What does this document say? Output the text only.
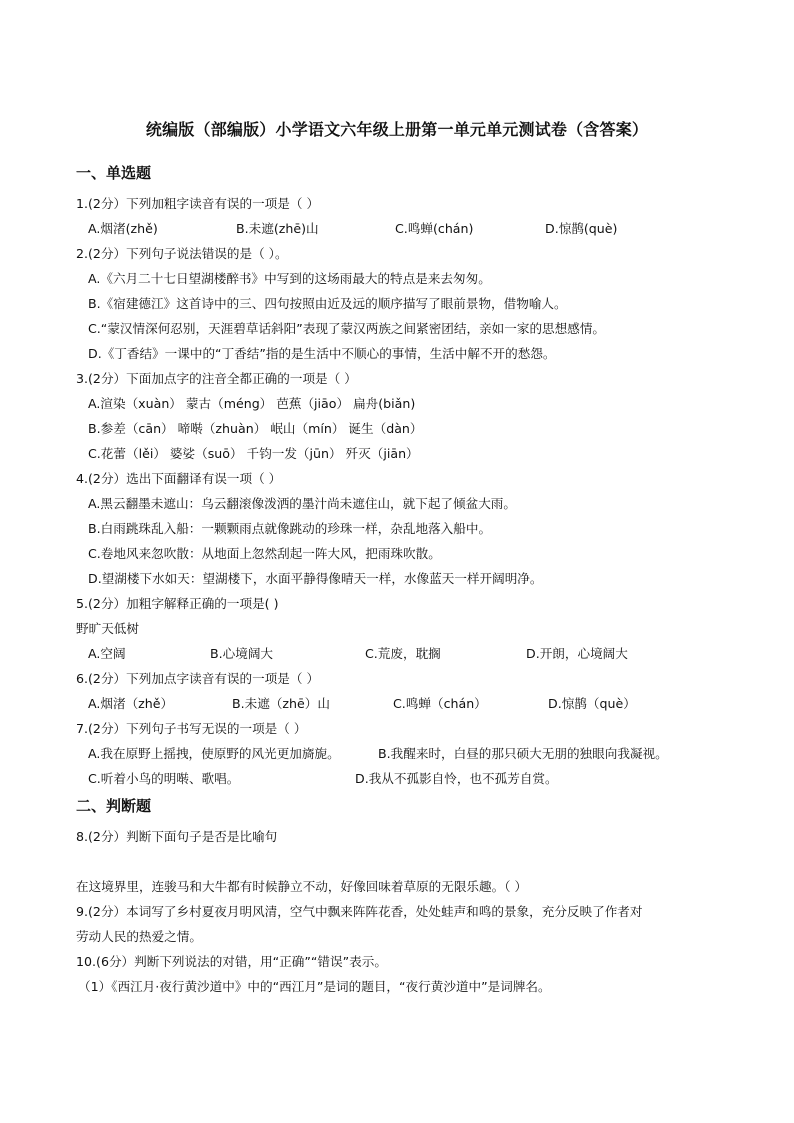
统编版（部编版）小学语文六年级上册第一单元单元测试卷（含答案）
一、单选题
1.(2分）下列加粗字读音有误的一项是（ ）
A.烟渚(zhě)	B.未遮(zhē)山	C.鸣蝉(chán)	D.惊鹊(què)
2.(2分）下列句子说法错误的是（ ）。
A.《六月二十七日望湖楼醉书》中写到的这场雨最大的特点是来去匆匆。
B.《宿建德江》这首诗中的三、四句按照由近及远的顺序描写了眼前景物，借物喻人。
C.“蒙汉情深何忍别，天涯碧草话斜阳”表现了蒙汉两族之间紧密团结，亲如一家的思想感情。
D.《丁香结》一课中的“丁香结”指的是生活中不顺心的事情，生活中解不开的愁怨。
3.(2分）下面加点字的注音全都正确的一项是（ ）
A.渲染（xuàn） 蒙古（méng） 芭蕉（jiāo） 扁舟(biǎn)
B.参差（cān） 啼啭（zhuàn） 岷山（mín） 诞生（dàn）
C.花蕾（lěi） 婆娑（suō） 千钧一发（jūn） 歼灭（jiān）
4.(2分）选出下面翻译有误一项（ ）
A.黑云翻墨未遮山：乌云翻滚像泼洒的墨汁尚未遮住山，就下起了倾盆大雨。
B.白雨跳珠乱入船：一颗颗雨点就像跳动的珍珠一样，杂乱地落入船中。
C.卷地风来忽吹散：从地面上忽然刮起一阵大风，把雨珠吹散。
D.望湖楼下水如天：望湖楼下，水面平静得像晴天一样，水像蓝天一样开阔明净。
5.(2分）加粗字解释正确的一项是( )
野旷天低树
A.空阔	B.心境阔大	C.荒废，耽搁	D.开朗，心境阔大
6.(2分）下列加点字读音有误的一项是（ ）
A.烟渚（zhě）	B.未遮（zhē）山	C.鸣蝉（chán）	D.惊鹊（què）
7.(2分）下列句子书写无误的一项是（ ）
A.我在原野上摇拽，使原野的风光更加旖旎。	B.我醒来时，白昼的那只硕大无朋的独眼向我凝视。
C.听着小鸟的明啭、歌唱。	D.我从不孤影自怜，也不孤芳自赏。
二、判断题
8.(2分）判断下面句子是否是比喻句
在这境界里，连骏马和大牛都有时候静立不动，好像回味着草原的无限乐趣。（ ）
9.(2分）本词写了乡村夏夜月明风清，空气中飘来阵阵花香，处处蛙声和鸣的景象，充分反映了作者对
劳动人民的热爱之情。
10.(6分）判断下列说法的对错，用“正确”“错误”表示。
（1）《西江月·夜行黄沙道中》中的“西江月”是词的题目，“夜行黄沙道中”是词牌名。
